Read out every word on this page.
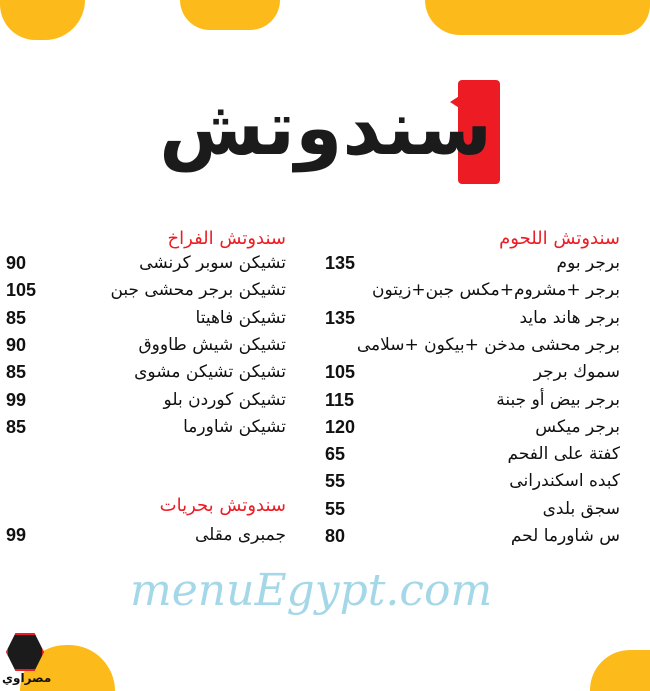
menuEgypt.com
سندوتش
سندوتش اللحوم
برجر بوم
135
برجر +مشروم+مكس جبن+زيتون
برجر هاند مايد
135
برجر محشى مدخن +بيكون +سلامى
سموك برجر
105
برجر بيض أو جبنة
115
برجر ميكس
120
كفتة على الفحم
65
كبده اسكندرانى
55
سجق بلدى
55
س شاورما لحم
80
سندوتش الفراخ
تشيكن سوبر كرنشى
90
تشيكن برجر محشى جبن
105
تشيكن فاهيتا
85
تشيكن شيش طاووق
90
تشيكن تشيكن مشوى
85
تشيكن كوردن بلو
99
تشيكن شاورما
85
سندوتش بحريات
جمبرى مقلى
99
مصراوي
